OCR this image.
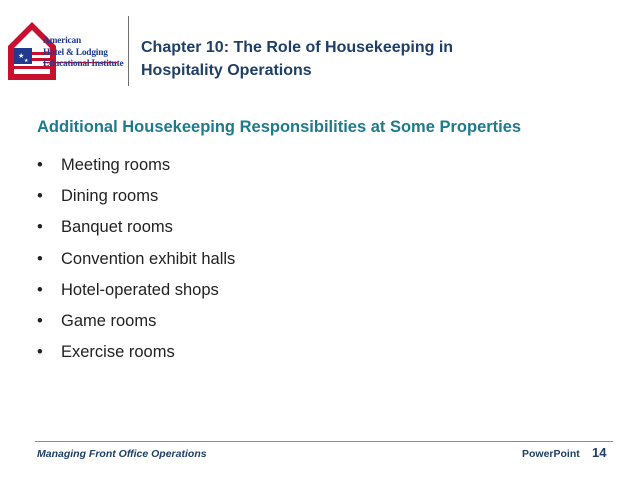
★
★
American
Hotel & Lodging
Educational Institute
Chapter 10: The Role of Housekeeping in
Hospitality Operations
Additional Housekeeping Responsibilities at Some Properties
• Meeting rooms
• Dining rooms
• Banquet rooms
• Convention exhibit halls
• Hotel-operated shops
• Game rooms
• Exercise rooms
Managing Front Office Operations	PowerPoint 14
